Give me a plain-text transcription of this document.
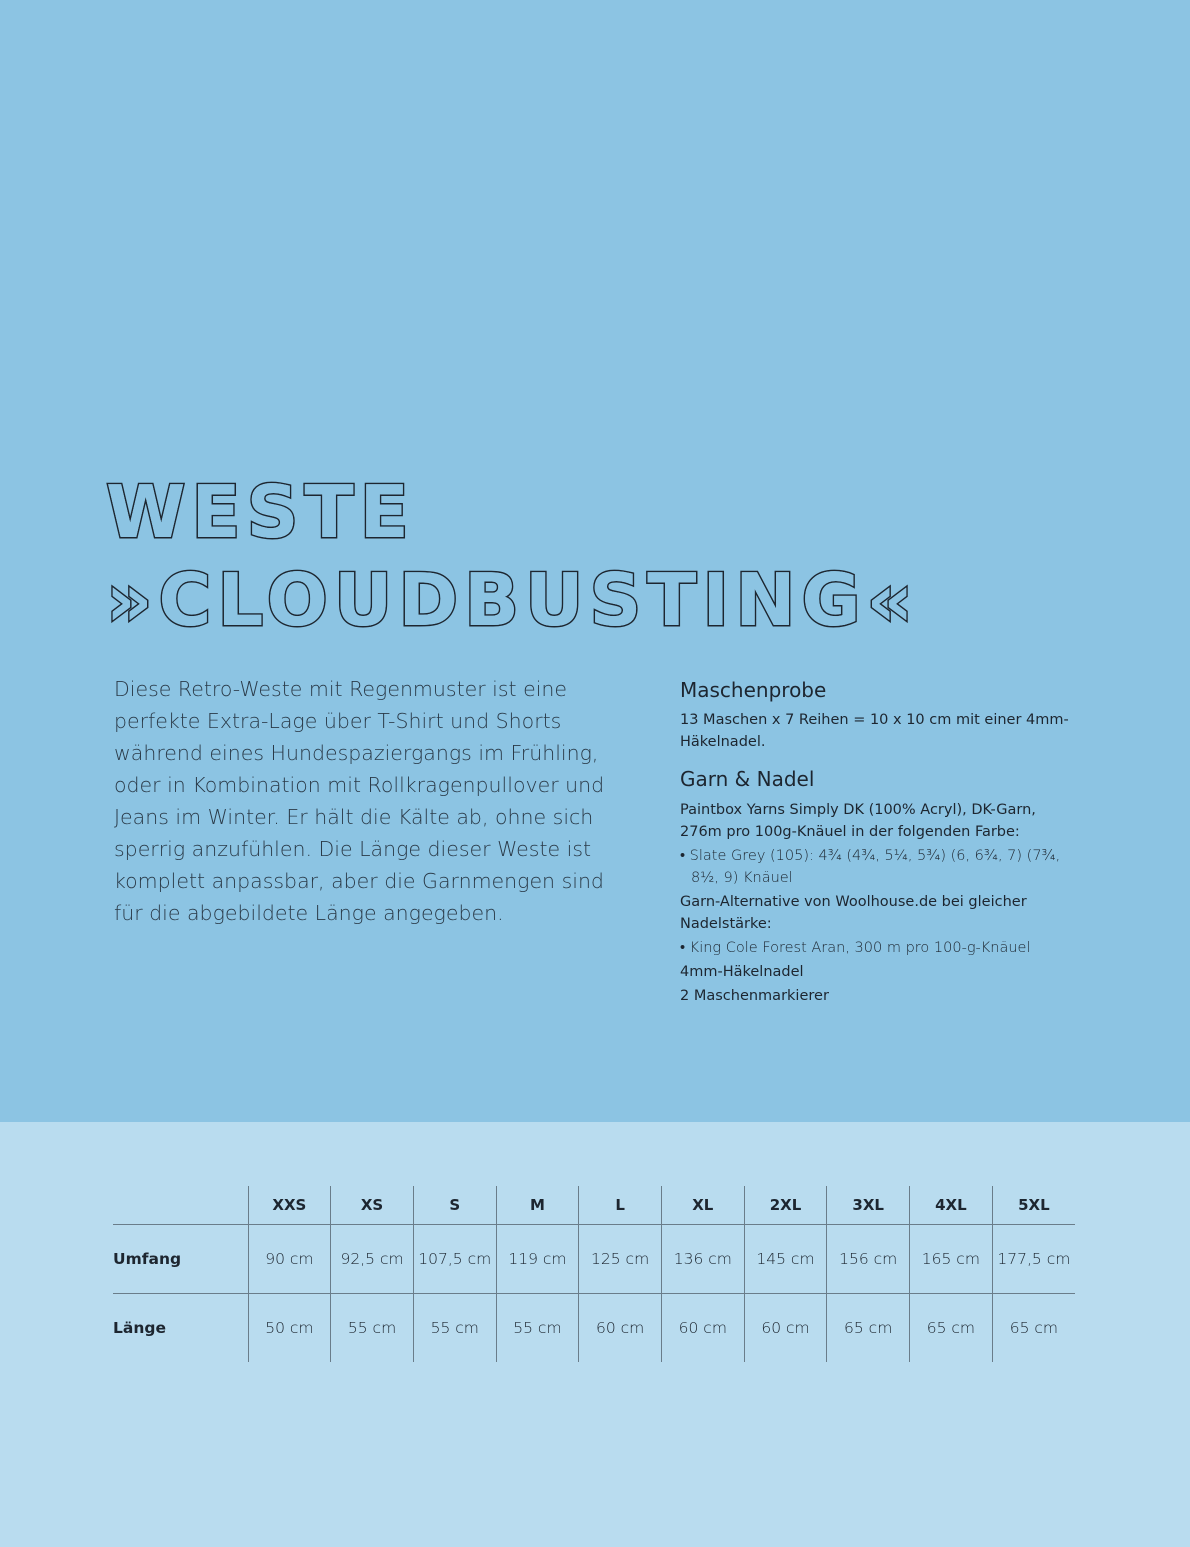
WESTE
»CLOUDBUSTING«

Diese Retro-Weste mit Regenmuster ist eine perfekte Extra-Lage über T-Shirt und Shorts während eines Hundespaziergangs im Frühling, oder in Kombination mit Rollkragenpullover und Jeans im Winter. Er hält die Kälte ab, ohne sich sperrig anzufühlen. Die Länge dieser Weste ist komplett anpassbar, aber die Garnmengen sind für die abgebildete Länge angegeben.

Maschenprobe

13 Maschen x 7 Reihen = 10 x 10 cm mit einer 4mm-Häkelnadel.

Garn & Nadel

Paintbox Yarns Simply DK (100% Acryl), DK-Garn, 276m pro 100g-Knäuel in der folgenden Farbe:

• Slate Grey (105): 4¾ (4¾, 5¼, 5¾) (6, 6¾, 7) (7¾, 8½, 9) Knäuel

Garn-Alternative von Woolhouse.de bei gleicher Nadelstärke:

• King Cole Forest Aran, 300 m pro 100-g-Knäuel

4mm-Häkelnadel

2 Maschenmarkierer

	XXS	XS	S	M	L	XL	2XL	3XL	4XL	5XL
Umfang	90 cm	92,5 cm	107,5 cm	119 cm	125 cm	136 cm	145 cm	156 cm	165 cm	177,5 cm
Länge	50 cm	55 cm	55 cm	55 cm	60 cm	60 cm	60 cm	65 cm	65 cm	65 cm
